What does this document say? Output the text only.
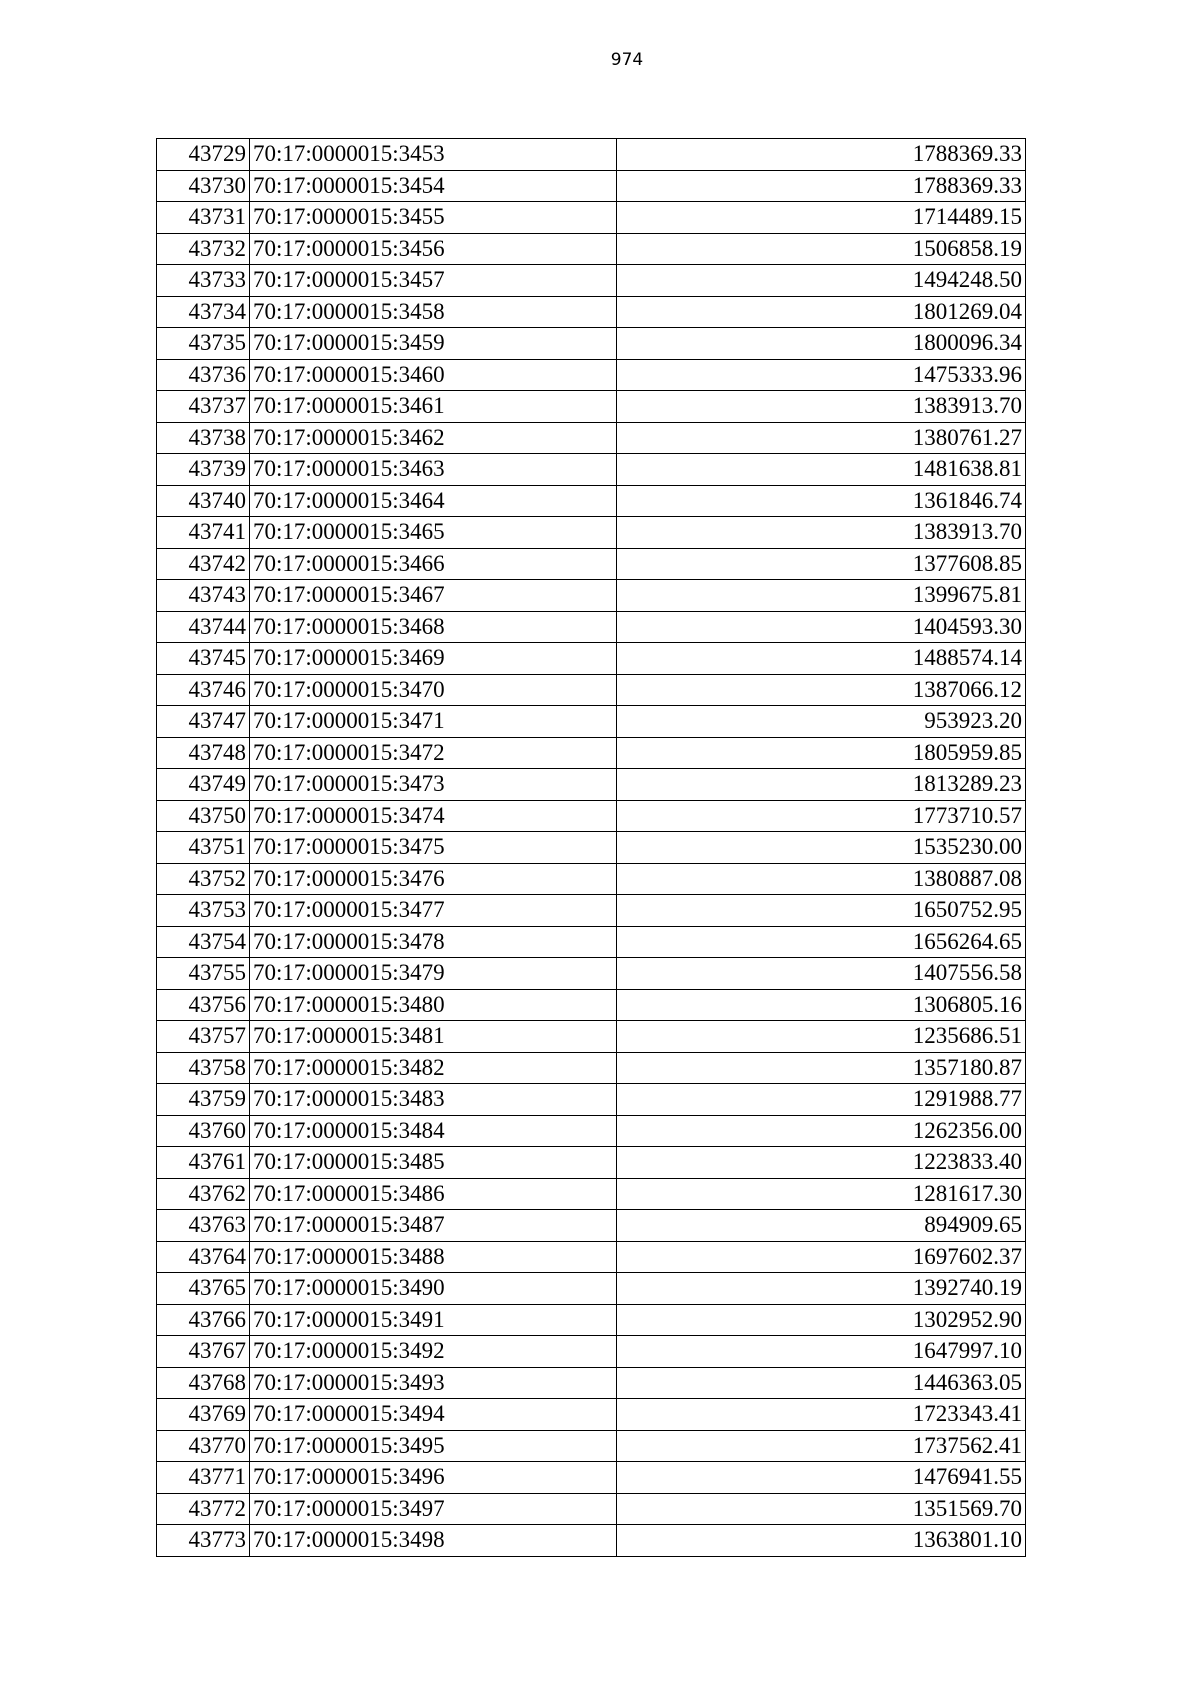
974
43729	70:17:0000015:3453	1788369.33
43730	70:17:0000015:3454	1788369.33
43731	70:17:0000015:3455	1714489.15
43732	70:17:0000015:3456	1506858.19
43733	70:17:0000015:3457	1494248.50
43734	70:17:0000015:3458	1801269.04
43735	70:17:0000015:3459	1800096.34
43736	70:17:0000015:3460	1475333.96
43737	70:17:0000015:3461	1383913.70
43738	70:17:0000015:3462	1380761.27
43739	70:17:0000015:3463	1481638.81
43740	70:17:0000015:3464	1361846.74
43741	70:17:0000015:3465	1383913.70
43742	70:17:0000015:3466	1377608.85
43743	70:17:0000015:3467	1399675.81
43744	70:17:0000015:3468	1404593.30
43745	70:17:0000015:3469	1488574.14
43746	70:17:0000015:3470	1387066.12
43747	70:17:0000015:3471	953923.20
43748	70:17:0000015:3472	1805959.85
43749	70:17:0000015:3473	1813289.23
43750	70:17:0000015:3474	1773710.57
43751	70:17:0000015:3475	1535230.00
43752	70:17:0000015:3476	1380887.08
43753	70:17:0000015:3477	1650752.95
43754	70:17:0000015:3478	1656264.65
43755	70:17:0000015:3479	1407556.58
43756	70:17:0000015:3480	1306805.16
43757	70:17:0000015:3481	1235686.51
43758	70:17:0000015:3482	1357180.87
43759	70:17:0000015:3483	1291988.77
43760	70:17:0000015:3484	1262356.00
43761	70:17:0000015:3485	1223833.40
43762	70:17:0000015:3486	1281617.30
43763	70:17:0000015:3487	894909.65
43764	70:17:0000015:3488	1697602.37
43765	70:17:0000015:3490	1392740.19
43766	70:17:0000015:3491	1302952.90
43767	70:17:0000015:3492	1647997.10
43768	70:17:0000015:3493	1446363.05
43769	70:17:0000015:3494	1723343.41
43770	70:17:0000015:3495	1737562.41
43771	70:17:0000015:3496	1476941.55
43772	70:17:0000015:3497	1351569.70
43773	70:17:0000015:3498	1363801.10
